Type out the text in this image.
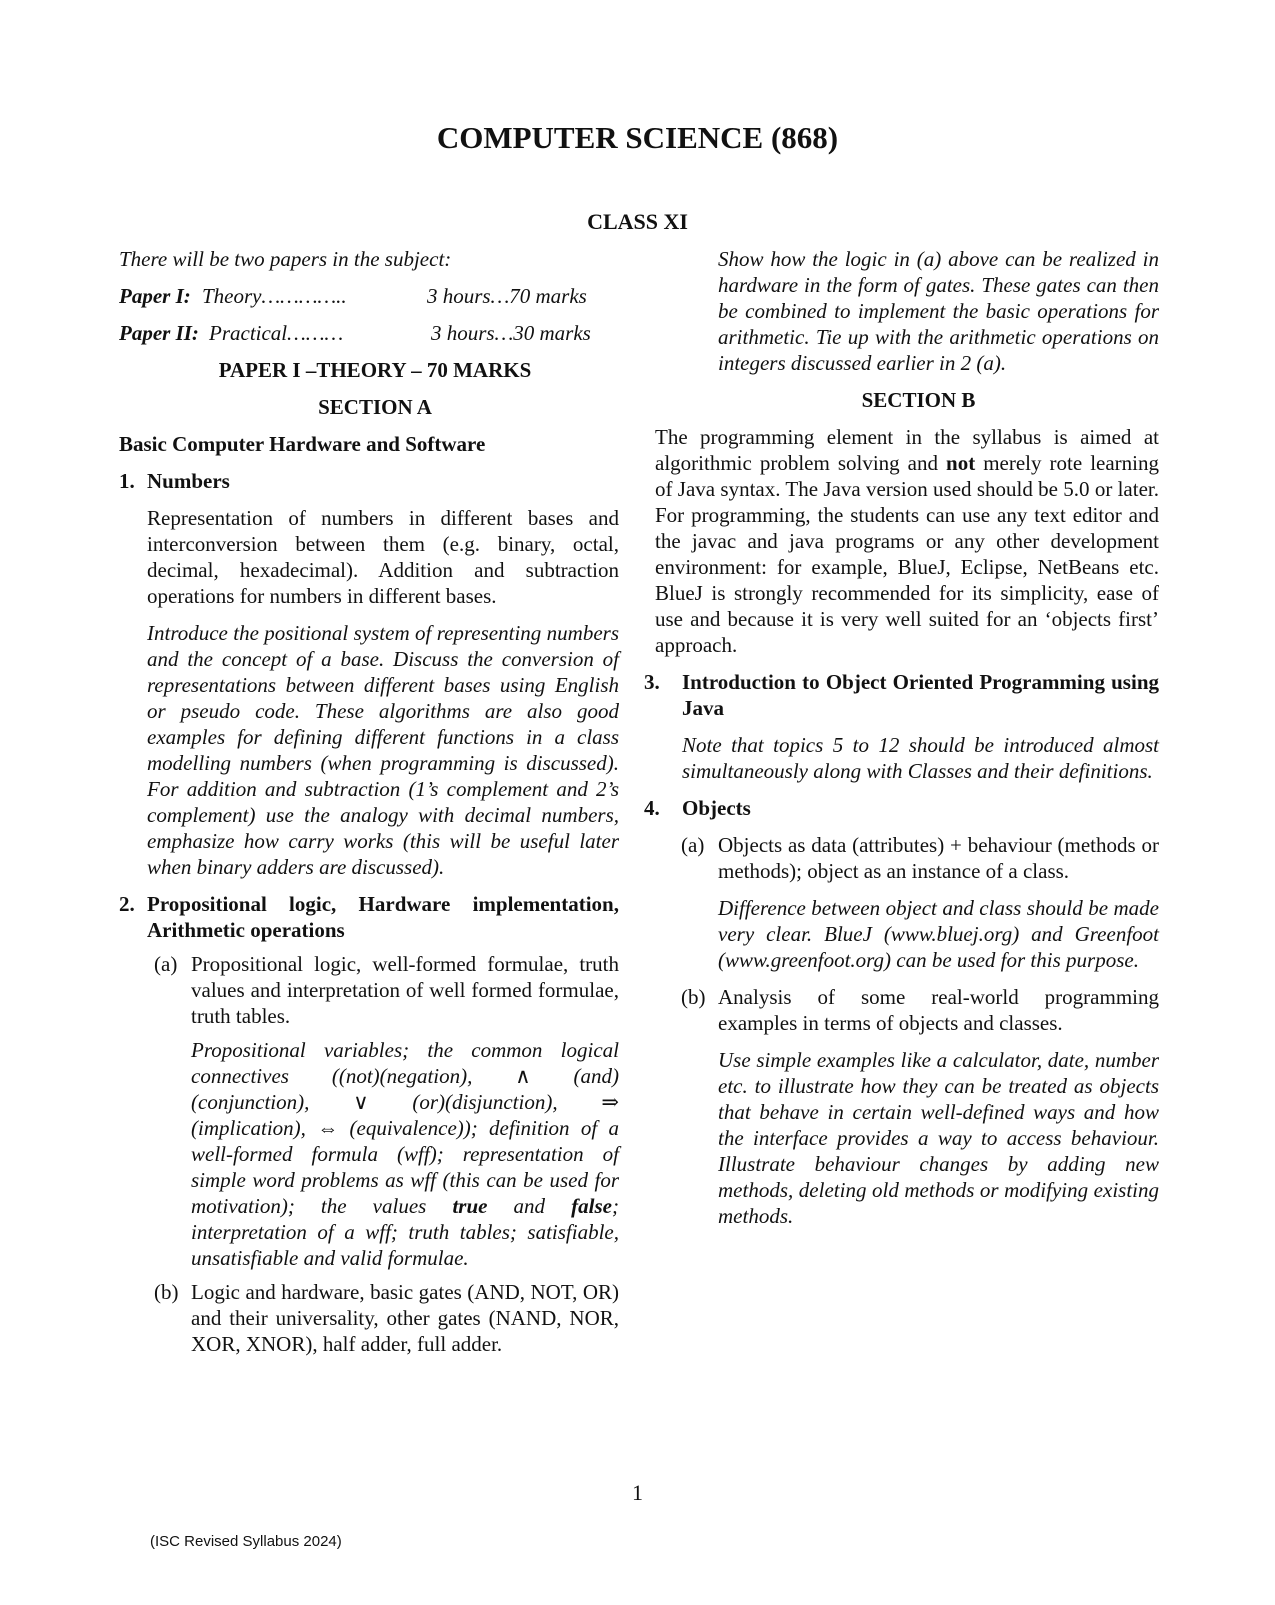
COMPUTER SCIENCE (868)
CLASS XI

There will be two papers in the subject:

Paper I: Theory…………..	3 hours…70 marks
Paper II: Practical………	3 hours…30 marks

PAPER I –THEORY – 70 MARKS

SECTION A

Basic Computer Hardware and Software

1. Numbers

Representation of numbers in different bases and interconversion between them (e.g. binary, octal, decimal, hexadecimal). Addition and subtraction operations for numbers in different bases.

Introduce the positional system of representing numbers and the concept of a base. Discuss the conversion of representations between different bases using English or pseudo code. These algorithms are also good examples for defining different functions in a class modelling numbers (when programming is discussed). For addition and subtraction (1’s complement and 2’s complement) use the analogy with decimal numbers, emphasize how carry works (this will be useful later when binary adders are discussed).

2. Propositional logic, Hardware implementation, Arithmetic operations
(a) Propositional logic, well-formed formulae, truth values and interpretation of well formed formulae, truth tables.

Propositional variables; the common logical connectives ((not)(negation), ∧ (and)(conjunction), ∨ (or)(disjunction), ⇒ (implication), ⇔ (equivalence)); definition of a well-formed formula (wff); representation of simple word problems as wff (this can be used for motivation); the values true and false; interpretation of a wff; truth tables; satisfiable, unsatisfiable and valid formulae.

(b) Logic and hardware, basic gates (AND, NOT, OR) and their universality, other gates (NAND, NOR, XOR, XNOR), half adder, full adder.

Show how the logic in (a) above can be realized in hardware in the form of gates. These gates can then be combined to implement the basic operations for arithmetic. Tie up with the arithmetic operations on integers discussed earlier in 2 (a).

SECTION B

The programming element in the syllabus is aimed at algorithmic problem solving and not merely rote learning of Java syntax. The Java version used should be 5.0 or later. For programming, the students can use any text editor and the javac and java programs or any other development environment: for example, BlueJ, Eclipse, NetBeans etc. BlueJ is strongly recommended for its simplicity, ease of use and because it is very well suited for an ‘objects first’ approach.

3.	Introduction to Object Oriented Programming using Java

Note that topics 5 to 12 should be introduced almost simultaneously along with Classes and their definitions.

4.	Objects
(a) Objects as data (attributes) + behaviour (methods or methods); object as an instance of a class.

Difference between object and class should be made very clear. BlueJ (www.bluej.org) and Greenfoot (www.greenfoot.org) can be used for this purpose.

(b) Analysis of some real-world programming examples in terms of objects and classes.

Use simple examples like a calculator, date, number etc. to illustrate how they can be treated as objects that behave in certain well-defined ways and how the interface provides a way to access behaviour. Illustrate behaviour changes by adding new methods, deleting old methods or modifying existing methods.

1
(ISC Revised Syllabus 2024)
